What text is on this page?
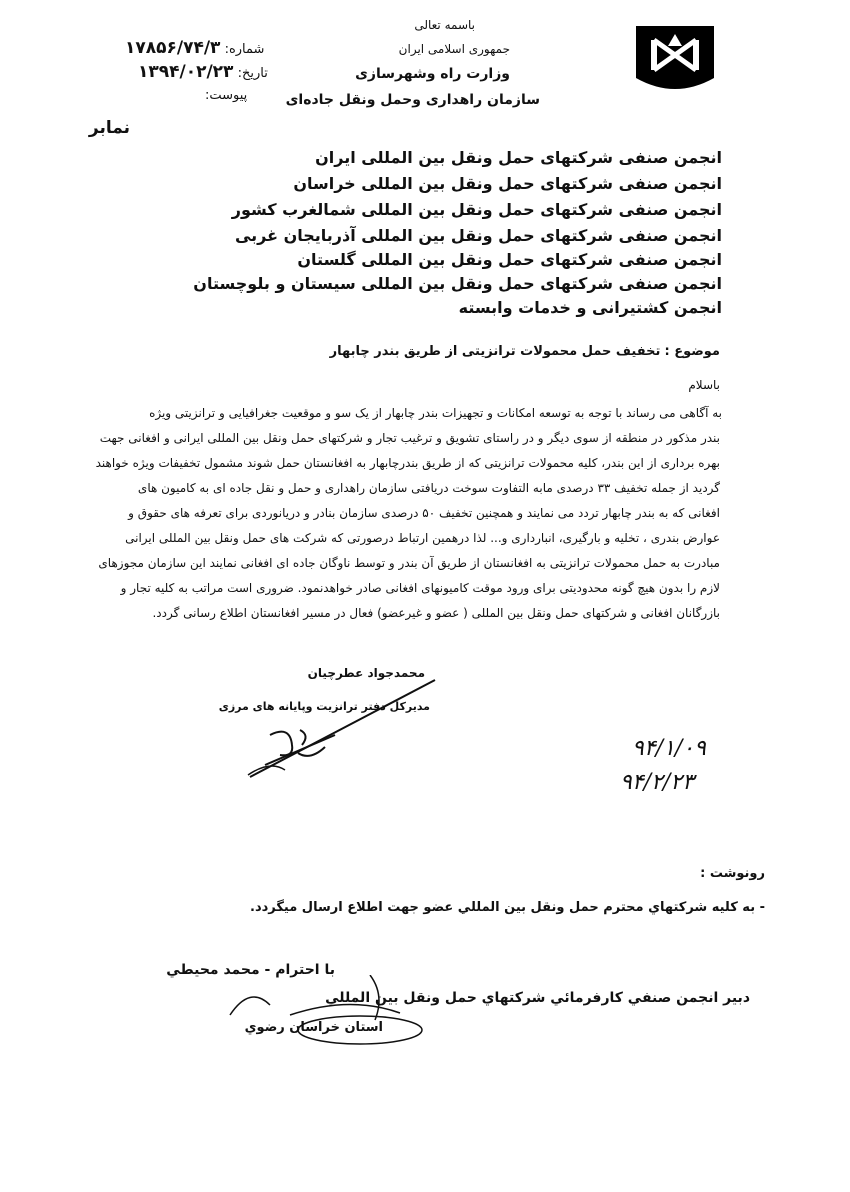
باسمه تعالی
جمهوری اسلامی ایران
وزارت راه وشهرسازی
سازمان راهداری وحمل ونقل جاده‌ای
شماره: ۱۷۸۵۶/۷۴/۳
تاریخ: ۱۳۹۴/۰۲/۲۳
پیوست:
نمابر
انجمن صنفی شرکتهای حمل ونقل بین المللی ایران
انجمن صنفی شرکتهای حمل ونقل بین المللی خراسان
انجمن صنفی شرکتهای حمل ونقل بین المللی شمالغرب کشور
انجمن صنفی شرکتهای حمل ونقل بین المللی آذربایجان غربی
انجمن صنفی شرکتهای حمل ونقل بین المللی گلستان
انجمن صنفی شرکتهای حمل ونقل بین المللی سیستان و بلوچستان
انجمن کشتیرانی و خدمات وابسته
موضوع : تخفیف حمل محمولات ترانزیتی از طریق بندر چابهار
باسلام
به آگاهی می رساند با توجه به توسعه امکانات و تجهیزات بندر چابهار از یک سو و موقعیت جغرافیایی و ترانزیتی ویژه
بندر مذکور در منطقه از سوی دیگر و در راستای تشویق و ترغیب تجار و شرکتهای حمل ونقل بین المللی ایرانی و افغانی جهت
بهره برداری از این بندر، کلیه محمولات ترانزیتی که از طریق بندرچابهار به افغانستان حمل شوند مشمول تخفیفات ویژه خواهند
گردید از جمله تخفیف ۳۳ درصدی مابه التفاوت سوخت دریافتی سازمان راهداری و حمل و نقل جاده ای به کامیون های
افغانی که به بندر چابهار تردد می نمایند و همچنین تخفیف ۵۰ درصدی سازمان بنادر و دریانوردی برای تعرفه های حقوق و
عوارض بندری ، تخلیه و بارگیری، انبارداری و... لذا درهمین ارتباط درصورتی که شرکت های حمل ونقل بین المللی ایرانی
مبادرت به حمل محمولات ترانزیتی به افغانستان از طریق آن بندر و توسط ناوگان جاده ای افغانی نمایند این سازمان مجوزهای
لازم را بدون هیچ گونه محدودیتی برای ورود موقت کامیونهای افغانی صادر خواهدنمود. ضروری است مراتب به کلیه تجار و
بازرگانان افغانی و شرکتهای حمل ونقل بین المللی ( عضو و غیرعضو) فعال در مسیر افغانستان اطلاع رسانی گردد.
محمدجواد عطرچیان
مدیرکل دفتر ترانزیت وپایانه های مرزی
۹۴/۱/۰۹
۹۴/۲/۲۳
رونوشت :
- به کلیه شرکتهاي محترم حمل ونقل بین المللي عضو جهت اطلاع ارسال میگردد.
با احترام - محمد محیطي
دبیر انجمن صنفي کارفرمائي شرکتهاي حمل ونقل بین المللي
استان خراسان رضوي
